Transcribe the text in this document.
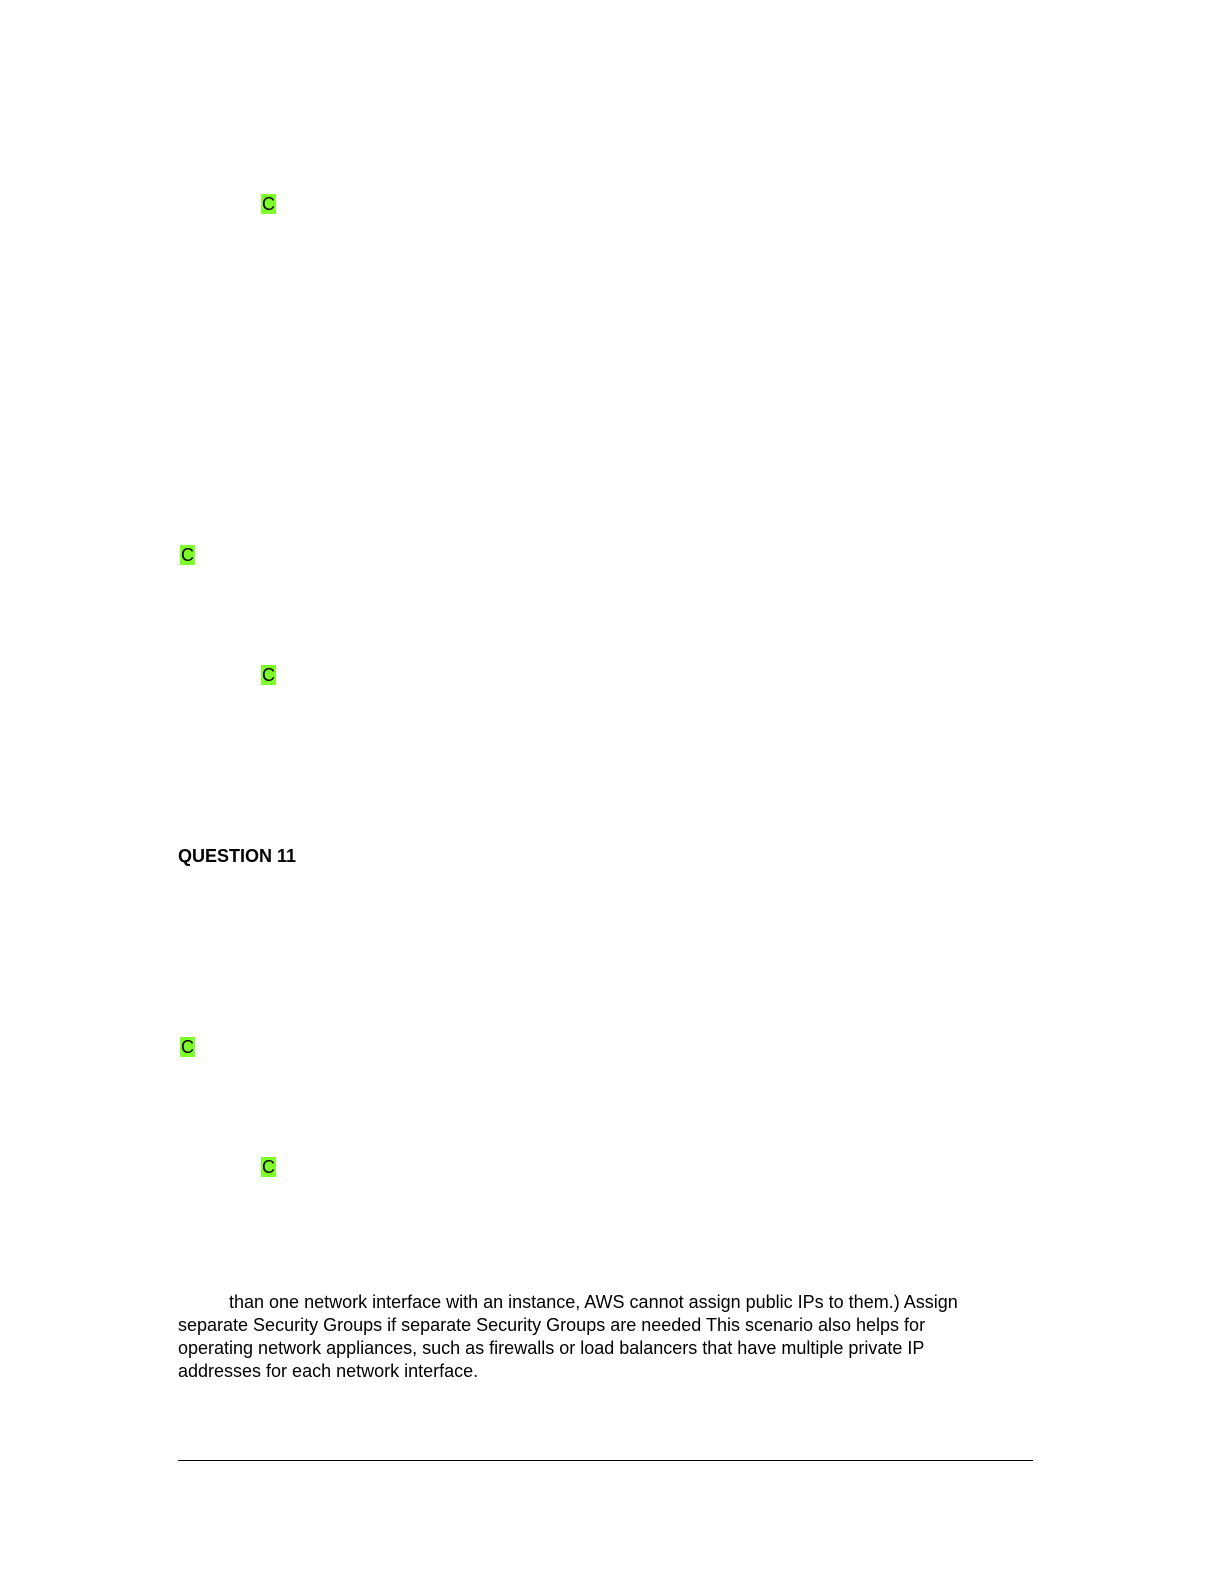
C
C
C
QUESTION 11
C
C
than one network interface with an instance, AWS cannot assign public IPs to them.) Assign
separate Security Groups if separate Security Groups are needed This scenario also helps for
operating network appliances, such as firewalls or load balancers that have multiple private IP
addresses for each network interface.
